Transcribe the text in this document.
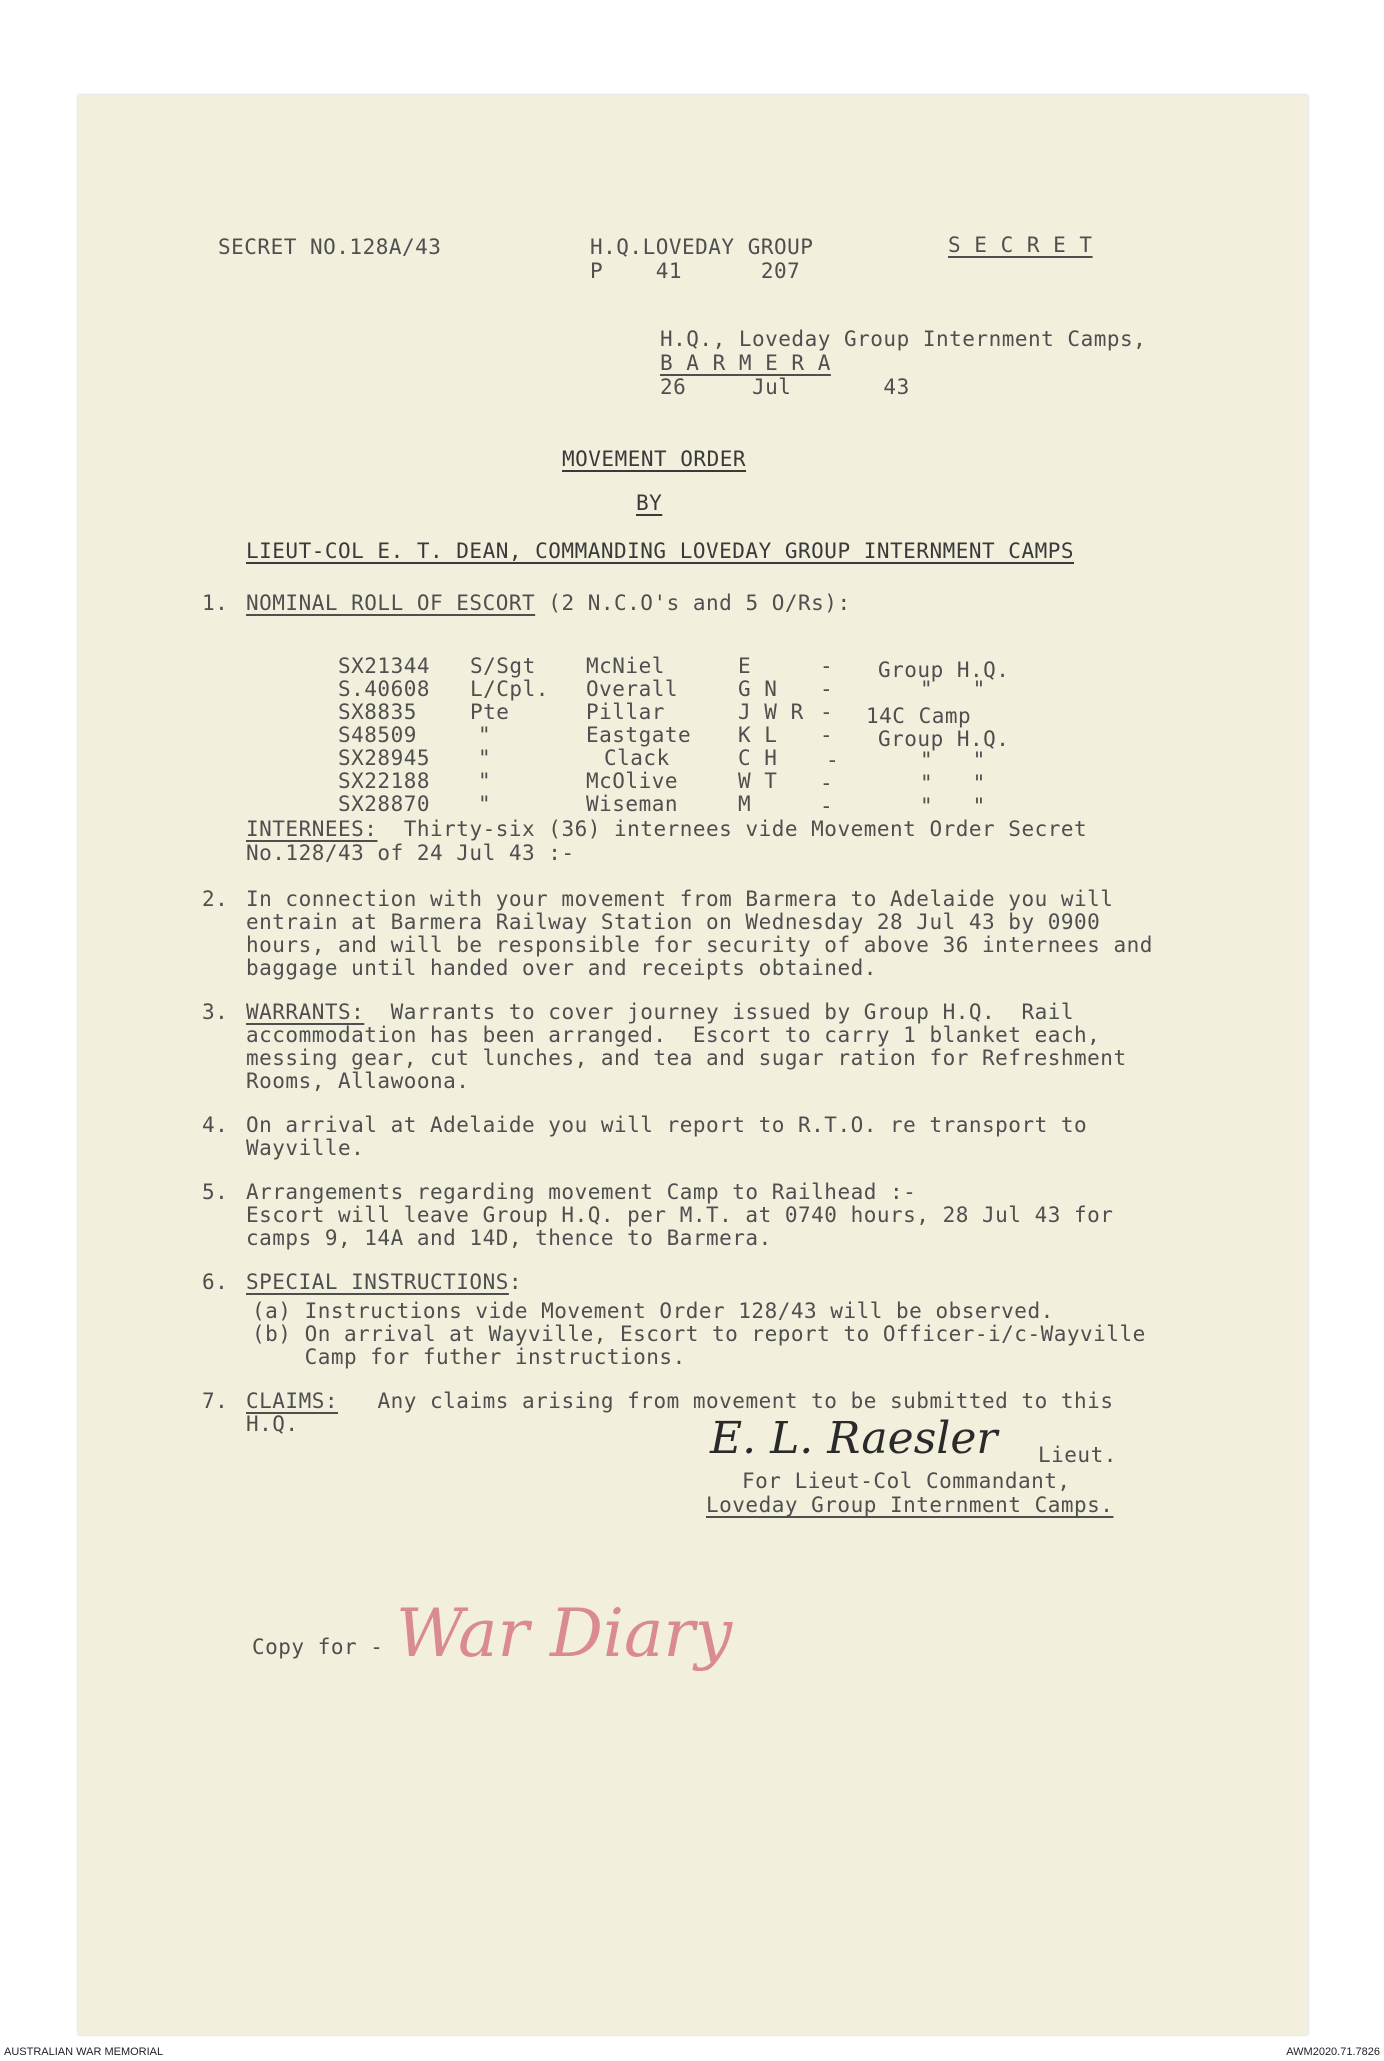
SECRET NO.128A/43	H.Q.LOVEDAY GROUP
P    41      207
S E C R E T
H.Q., Loveday Group Internment Camps,
B A R M E R A
26     Jul       43
MOVEMENT ORDER
BY
LIEUT-COL E. T. DEAN, COMMANDING LOVEDAY GROUP INTERNMENT CAMPS
1. NOMINAL ROLL OF ESCORT (2 N.C.O's and 5 O/Rs):
SX21344 S/Sgt McNiel	E	- Group H.Q.
S.40608 L/Cpl. Overall	G N -	"   "
SX8835	Pte	Pillar	J W R - 14C Camp
S48509	"	Eastgate K L - Group H.Q.
SX28945 "	Clack	C H -	"   "
SX22188 "	McOlive	W T -	"   "
SX28870 "	Wiseman	M	-	"   "
INTERNEES:  Thirty-six (36) internees vide Movement Order Secret
No.128/43 of 24 Jul 43 :-
2. In connection with your movement from Barmera to Adelaide you will
entrain at Barmera Railway Station on Wednesday 28 Jul 43 by 0900
hours, and will be responsible for security of above 36 internees and
baggage until handed over and receipts obtained.
3. WARRANTS:  Warrants to cover journey issued by Group H.Q.  Rail
accommodation has been arranged.  Escort to carry 1 blanket each,
messing gear, cut lunches, and tea and sugar ration for Refreshment
Rooms, Allawoona.
4. On arrival at Adelaide you will report to R.T.O. re transport to
Wayville.
5. Arrangements regarding movement Camp to Railhead :-
Escort will leave Group H.Q. per M.T. at 0740 hours, 28 Jul 43 for
camps 9, 14A and 14D, thence to Barmera.
6. SPECIAL INSTRUCTIONS:
(a) Instructions vide Movement Order 128/43 will be observed.
(b) On arrival at Wayville, Escort to report to Officer-i/c-Wayville
Camp for futher instructions.
7. CLAIMS:   Any claims arising from movement to be submitted to this
H.Q.	E. L. Raesler Lieut.
For Lieut-Col Commandant,
Loveday Group Internment Camps.
Copy for - War Diary
AUSTRALIAN WAR MEMORIAL	AWM2020.71.7826
